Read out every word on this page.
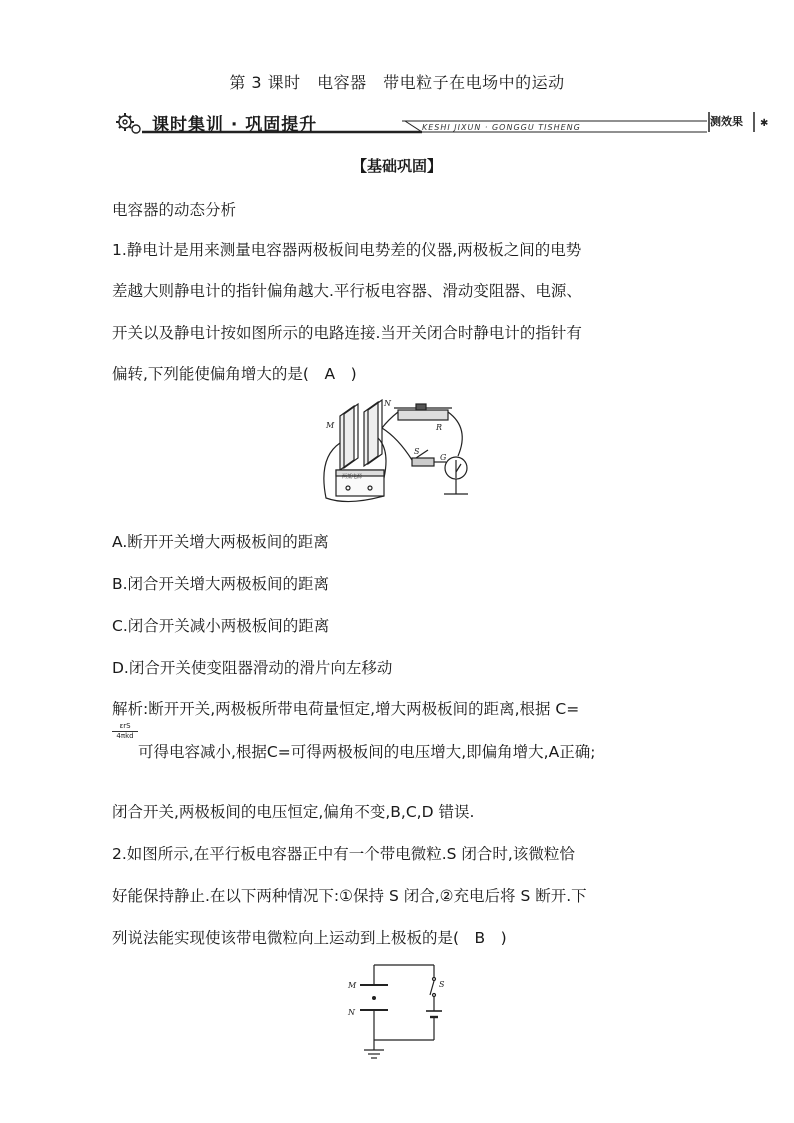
第 3 课时　电容器　带电粒子在电场中的运动
✱
课时集训 · 巩固提升	KESHI JIXUN · GONGGU TISHENG	测效果
【基础巩固】
电容器的动态分析
1.静电计是用来测量电容器两极板间电势差的仪器,两极板之间的电势
差越大则静电计的指针偏角越大.平行板电容器、滑动变阻器、电源、
开关以及静电计按如图所示的电路连接.当开关闭合时静电计的指针有
偏转,下列能使偏角增大的是(　A　)
M
N
R
S
G
两抵电源
A.断开开关增大两极板间的距离
B.闭合开关增大两极板间的距离
C.闭合开关减小两极板间的距离
D.闭合开关使变阻器滑动的滑片向左移动
解析:断开开关,两极板所带电荷量恒定,增大两极板间的距离,根据 C=
εrS
4πkd
可得电容减小,根据C=可得两极板间的电压增大,即偏角增大,A正确;
闭合开关,两极板间的电压恒定,偏角不变,B,C,D 错误.
2.如图所示,在平行板电容器正中有一个带电微粒.S 闭合时,该微粒恰
好能保持静止.在以下两种情况下:①保持 S 闭合,②充电后将 S 断开.下
列说法能实现使该带电微粒向上运动到上极板的是(　B　)
M
N
S
